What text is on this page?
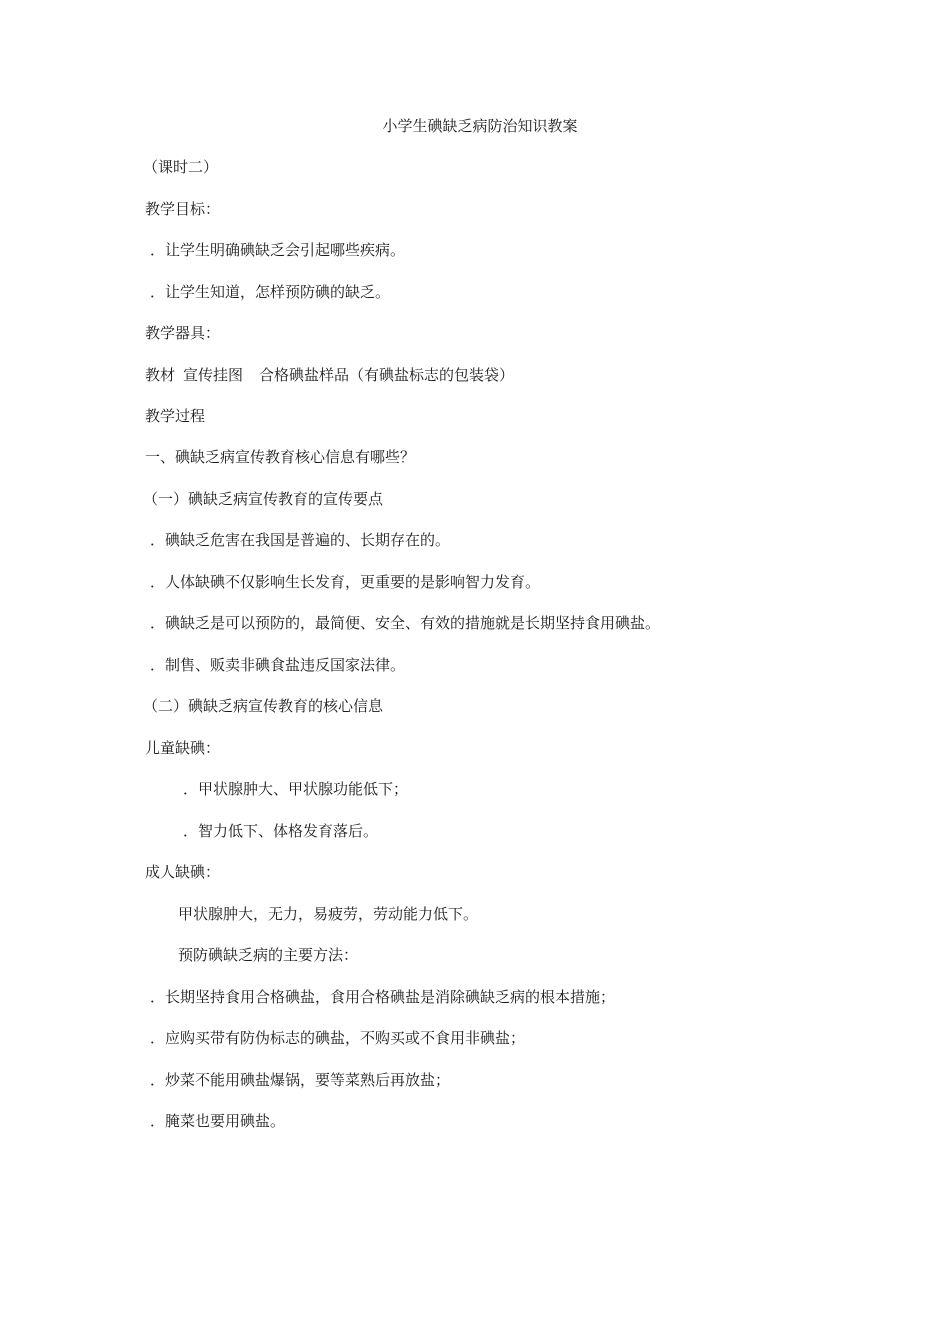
小学生碘缺乏病防治知识教案
（课时二）
教学目标：
．让学生明确碘缺乏会引起哪些疾病。
．让学生知道，怎样预防碘的缺乏。
教学器具：
教材 宣传挂图 合格碘盐样品（有碘盐标志的包装袋）
教学过程
一、碘缺乏病宣传教育核心信息有哪些？
（一）碘缺乏病宣传教育的宣传要点
．碘缺乏危害在我国是普遍的、长期存在的。
．人体缺碘不仅影响生长发育，更重要的是影响智力发育。
．碘缺乏是可以预防的，最简便、安全、有效的措施就是长期坚持食用碘盐。
．制售、贩卖非碘食盐违反国家法律。
（二）碘缺乏病宣传教育的核心信息
儿童缺碘：
．甲状腺肿大、甲状腺功能低下；
．智力低下、体格发育落后。
成人缺碘：
甲状腺肿大，无力，易疲劳，劳动能力低下。
预防碘缺乏病的主要方法：
．长期坚持食用合格碘盐，食用合格碘盐是消除碘缺乏病的根本措施；
．应购买带有防伪标志的碘盐，不购买或不食用非碘盐；
．炒菜不能用碘盐爆锅，要等菜熟后再放盐；
．腌菜也要用碘盐。
